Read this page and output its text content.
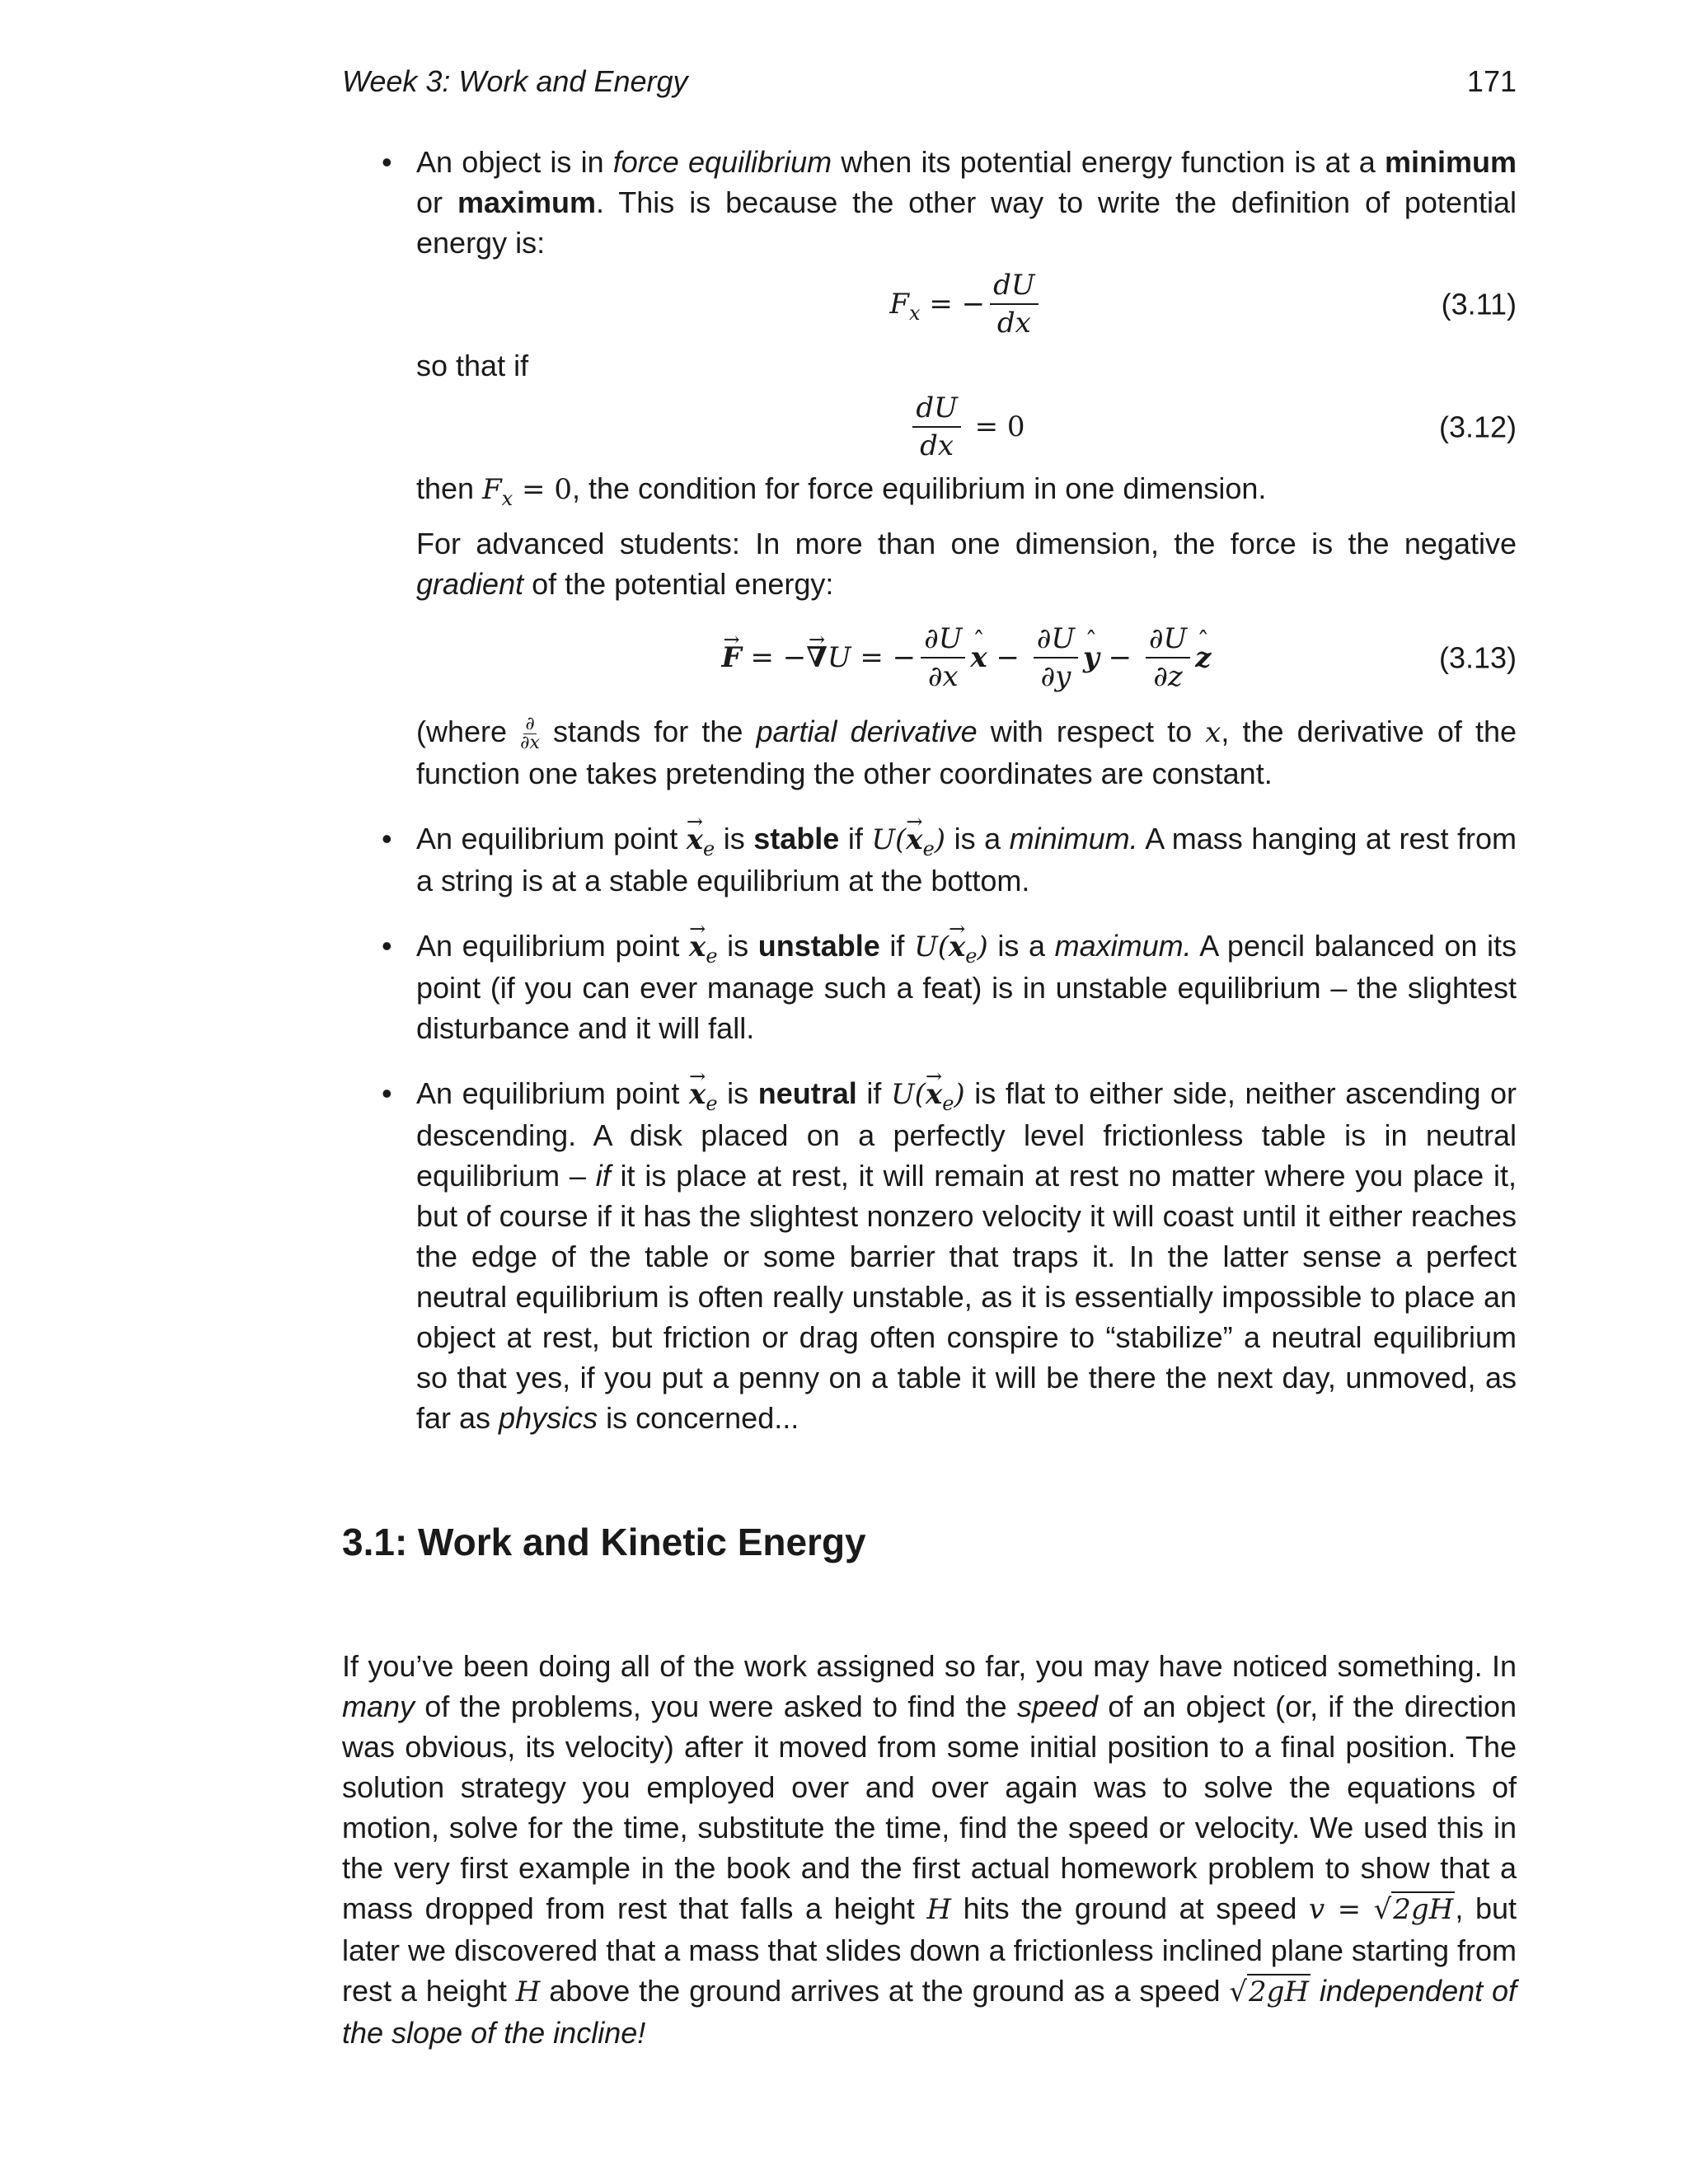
Week 3: Work and Energy	171

• An object is in force equilibrium when its potential energy function is at a minimum or maximum. This is because the other way to write the definition of potential energy is:

$F_x$ = − $\frac{dU}{dx}$	(3.11)

so that if

$\frac{dU}{dx} = 0$	(3.12)

then $F_x = 0$, the condition for force equilibrium in one dimension.

For advanced students: In more than one dimension, the force is the negative gradient of the potential energy:

F → = − ∇ → U = − $\frac{\partial U}{\partial x}$ x ˆ − $\frac{\partial U}{\partial y}$ y ˆ − $\frac{\partial U}{\partial z}$ z ˆ	(3.13)

(where ∂
∂x stands for the partial derivative with respect to x, the derivative of the function one takes pretending the other coordinates are constant.

• An equilibrium point $x \to_e$ is stable if $U(x \to_e)$ is a minimum. A mass hanging at rest from a string is at a stable equilibrium at the bottom.

• An equilibrium point $x \to_e$ is unstable if $U(x \to_e)$ is a maximum. A pencil balanced on its point (if you can ever manage such a feat) is in unstable equilibrium – the slightest disturbance and it will fall.

• An equilibrium point $x \to_e$ is neutral if $U(x \to_e)$ is flat to either side, neither ascending or descending. A disk placed on a perfectly level frictionless table is in neutral equilibrium – if it is place at rest, it will remain at rest no matter where you place it, but of course if it has the slightest nonzero velocity it will coast until it either reaches the edge of the table or some barrier that traps it. In the latter sense a perfect neutral equilibrium is often really unstable, as it is essentially impossible to place an object at rest, but friction or drag often conspire to “stabilize” a neutral equilibrium so that yes, if you put a penny on a table it will be there the next day, unmoved, as far as physics is concerned...

3.1: Work and Kinetic Energy

If you’ve been doing all of the work assigned so far, you may have noticed something. In many of the problems, you were asked to find the speed of an object (or, if the direction was obvious, its velocity) after it moved from some initial position to a final position. The solution strategy you employed over and over again was to solve the equations of motion, solve for the time, substitute the time, find the speed or velocity. We used this in the very first example in the book and the first actual homework problem to show that a mass dropped from rest that falls a height H hits the ground at speed v = √2gH, but later we discovered that a mass that slides down a frictionless inclined plane starting from rest a height H above the ground arrives at the ground as a speed √2gH independent of the slope of the incline!
